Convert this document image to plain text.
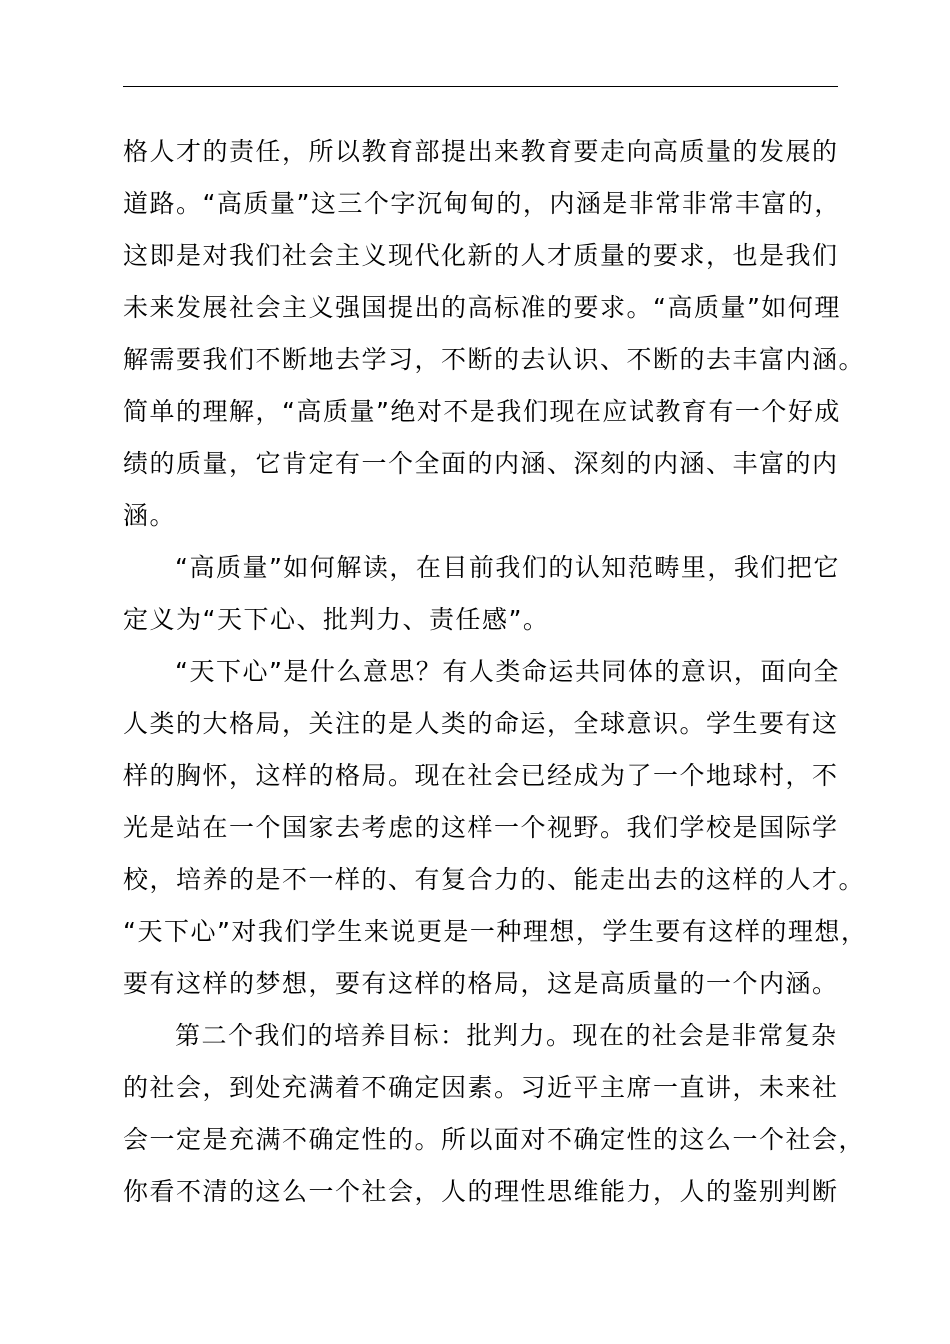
格人才的责任，所以教育部提出来教育要走向高质量的发展的
道路。“高质量”这三个字沉甸甸的，内涵是非常非常丰富的，
这即是对我们社会主义现代化新的人才质量的要求，也是我们
未来发展社会主义强国提出的高标准的要求。“高质量”如何理
解需要我们不断地去学习，不断的去认识、不断的去丰富内涵。
简单的理解，“高质量”绝对不是我们现在应试教育有一个好成
绩的质量，它肯定有一个全面的内涵、深刻的内涵、丰富的内
涵。
“高质量”如何解读，在目前我们的认知范畴里，我们把它
定义为“天下心、批判力、责任感”。
“天下心”是什么意思？有人类命运共同体的意识，面向全
人类的大格局，关注的是人类的命运，全球意识。学生要有这
样的胸怀，这样的格局。现在社会已经成为了一个地球村，不
光是站在一个国家去考虑的这样一个视野。我们学校是国际学
校，培养的是不一样的、有复合力的、能走出去的这样的人才。
“天下心”对我们学生来说更是一种理想，学生要有这样的理想，
要有这样的梦想，要有这样的格局，这是高质量的一个内涵。
第二个我们的培养目标：批判力。现在的社会是非常复杂
的社会，到处充满着不确定因素。习近平主席一直讲，未来社
会一定是充满不确定性的。所以面对不确定性的这么一个社会，
你看不清的这么一个社会，人的理性思维能力，人的鉴别判断
